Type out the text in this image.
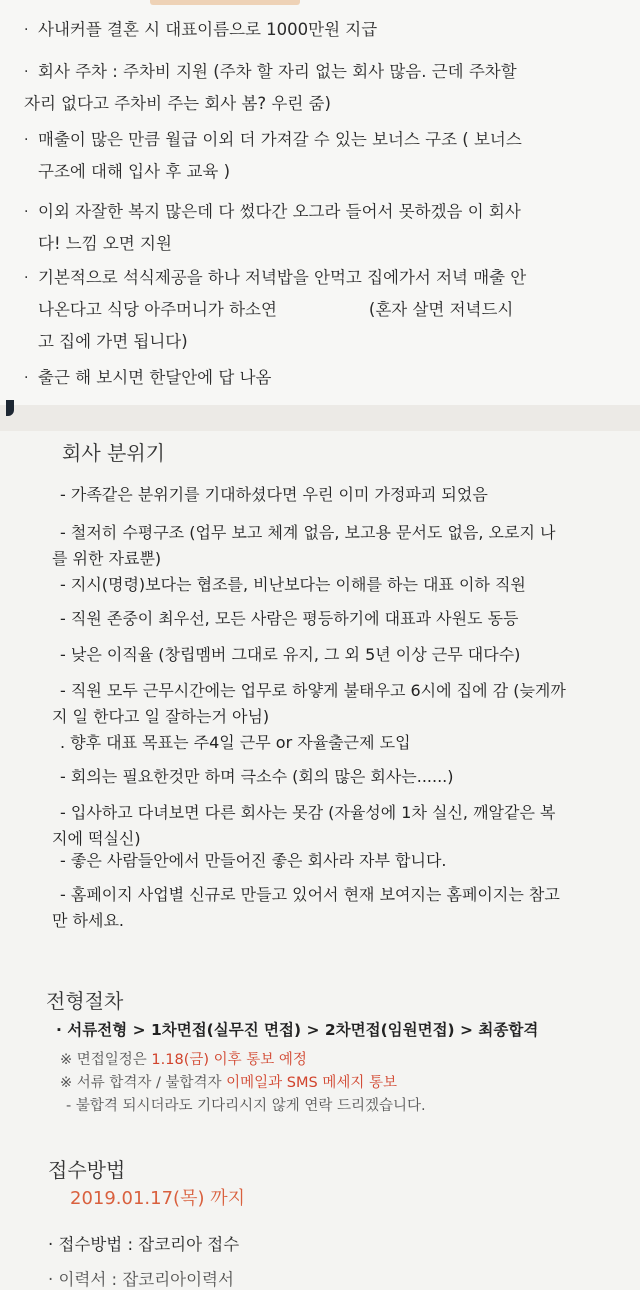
· 사내커플 결혼 시 대표이름으로 1000만원 지급
· 회사 주차 : 주차비 지원 (주차 할 자리 없는 회사 많음. 근데 주차할
자리 없다고 주차비 주는 회사 봄? 우린 줌)
· 매출이 많은 만큼 월급 이외 더 가져갈 수 있는 보너스 구조 ( 보너스
구조에 대해 입사 후 교육 )
· 이외 자잘한 복지 많은데 다 썼다간 오그라 들어서 못하겠음 이 회사
다! 느낌 오면 지원
· 기본적으로 석식제공을 하나 저녁밥을 안먹고 집에가서 저녁 매출 안
나온다고 식당 아주머니가 하소연	(혼자 살면 저녁드시
고 집에 가면 됩니다)
· 출근 해 보시면 한달안에 답 나옴
회사 분위기
- 가족같은 분위기를 기대하셨다면 우린 이미 가정파괴 되었음
- 철저히 수평구조 (업무 보고 체계 없음, 보고용 문서도 없음, 오로지 나
를 위한 자료뿐)
- 지시(명령)보다는 협조를, 비난보다는 이해를 하는 대표 이하 직원
- 직원 존중이 최우선, 모든 사람은 평등하기에 대표과 사원도 동등
- 낮은 이직율 (창립멤버 그대로 유지, 그 외 5년 이상 근무 대다수)
- 직원 모두 근무시간에는 업무로 하얗게 불태우고 6시에 집에 감 (늦게까
지 일 한다고 일 잘하는거 아님)
. 향후 대표 목표는 주4일 근무 or 자율출근제 도입
- 회의는 필요한것만 하며 극소수 (회의 많은 회사는......)
- 입사하고 다녀보면 다른 회사는 못감 (자율성에 1차 실신, 깨알같은 복
지에 떡실신)
- 좋은 사람들안에서 만들어진 좋은 회사라 자부 합니다.
- 홈페이지 사업별 신규로 만들고 있어서 현재 보여지는 홈페이지는 참고
만 하세요.
전형절차
· 서류전형 > 1차면접(실무진 면접) > 2차면접(임원면접) > 최종합격
※ 면접일정은 1.18(금) 이후 통보 예정
※ 서류 합격자 / 불합격자 이메일과 SMS 메세지 통보
- 불합격 되시더라도 기다리시지 않게 연락 드리겠습니다.
접수방법
2019.01.17(목) 까지
· 접수방법 : 잡코리아 접수
· 이력서 : 잡코리아이력서
